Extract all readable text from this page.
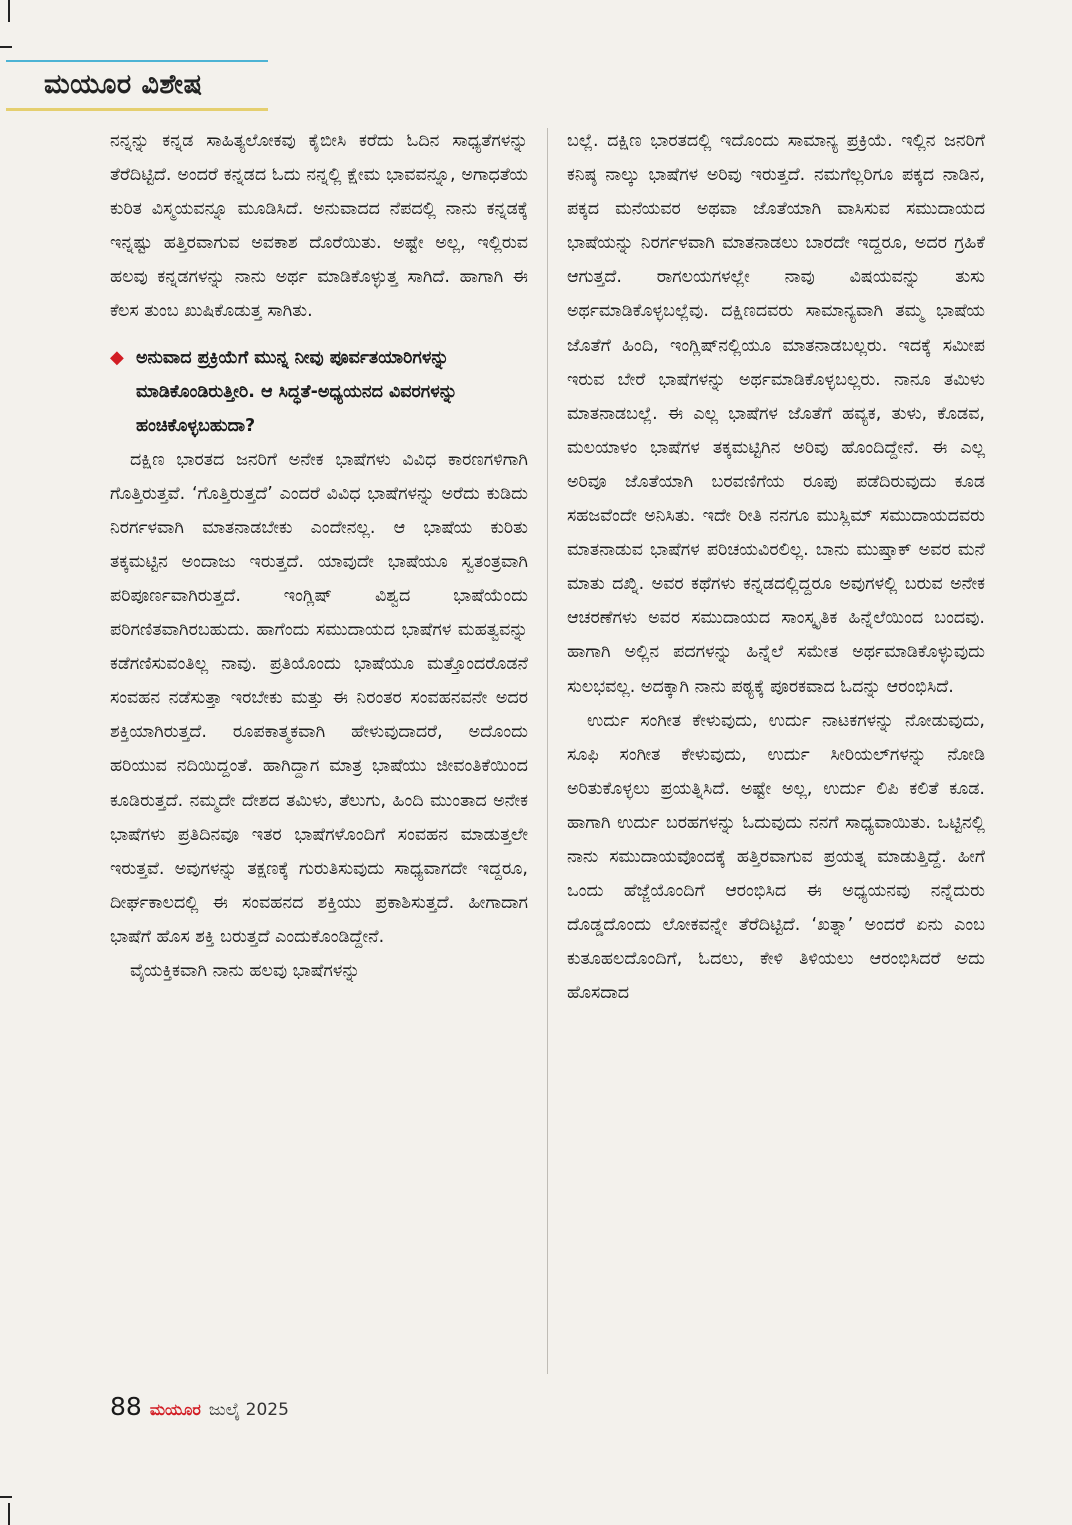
ಮಯೂರ ವಿಶೇಷ

ನನ್ನನ್ನು ಕನ್ನಡ ಸಾಹಿತ್ಯಲೋಕವು ಕೈಬೀಸಿ ಕರೆದು ಓದಿನ ಸಾಧ್ಯತೆಗಳನ್ನು ತೆರೆದಿಟ್ಟಿದೆ. ಅಂದರೆ ಕನ್ನಡದ ಓದು ನನ್ನಲ್ಲಿ ಕ್ಷೇಮ ಭಾವವನ್ನೂ, ಅಗಾಧತೆಯ ಕುರಿತ ವಿಸ್ಮಯವನ್ನೂ ಮೂಡಿಸಿದೆ. ಅನುವಾದದ ನೆಪದಲ್ಲಿ ನಾನು ಕನ್ನಡಕ್ಕೆ ಇನ್ನಷ್ಟು ಹತ್ತಿರವಾಗುವ ಅವಕಾಶ ದೊರೆಯಿತು. ಅಷ್ಟೇ ಅಲ್ಲ, ಇಲ್ಲಿರುವ ಹಲವು ಕನ್ನಡಗಳನ್ನು ನಾನು ಅರ್ಥ ಮಾಡಿಕೊಳ್ಳುತ್ತ ಸಾಗಿದೆ. ಹಾಗಾಗಿ ಈ ಕೆಲಸ ತುಂಬ ಖುಷಿಕೊಡುತ್ತ ಸಾಗಿತು.

◆ ಅನುವಾದ ಪ್ರಕ್ರಿಯೆಗೆ ಮುನ್ನ ನೀವು ಪೂರ್ವತಯಾರಿಗಳನ್ನು ಮಾಡಿಕೊಂಡಿರುತ್ತೀರಿ. ಆ ಸಿದ್ಧತೆ-ಅಧ್ಯಯನದ ವಿವರಗಳನ್ನು ಹಂಚಿಕೊಳ್ಳಬಹುದಾ?

ದಕ್ಷಿಣ ಭಾರತದ ಜನರಿಗೆ ಅನೇಕ ಭಾಷೆಗಳು ವಿವಿಧ ಕಾರಣಗಳಿಗಾಗಿ ಗೊತ್ತಿರುತ್ತವೆ. ‘ಗೊತ್ತಿರುತ್ತದೆ’ ಎಂದರೆ ವಿವಿಧ ಭಾಷೆಗಳನ್ನು ಅರೆದು ಕುಡಿದು ನಿರರ್ಗಳವಾಗಿ ಮಾತನಾಡಬೇಕು ಎಂದೇನಲ್ಲ. ಆ ಭಾಷೆಯ ಕುರಿತು ತಕ್ಕಮಟ್ಟಿನ ಅಂದಾಜು ಇರುತ್ತದೆ. ಯಾವುದೇ ಭಾಷೆಯೂ ಸ್ವತಂತ್ರವಾಗಿ ಪರಿಪೂರ್ಣವಾಗಿರುತ್ತದೆ. ಇಂಗ್ಲಿಷ್ ವಿಶ್ವದ ಭಾಷೆಯೆಂದು ಪರಿಗಣಿತವಾಗಿರಬಹುದು. ಹಾಗೆಂದು ಸಮುದಾಯದ ಭಾಷೆಗಳ ಮಹತ್ವವನ್ನು ಕಡೆಗಣಿಸುವಂತಿಲ್ಲ ನಾವು. ಪ್ರತಿಯೊಂದು ಭಾಷೆಯೂ ಮತ್ತೊಂದರೊಡನೆ ಸಂವಹನ ನಡೆಸುತ್ತಾ ಇರಬೇಕು ಮತ್ತು ಈ ನಿರಂತರ ಸಂವಹನವನೇ ಅದರ ಶಕ್ತಿಯಾಗಿರುತ್ತದೆ. ರೂಪಕಾತ್ಮಕವಾಗಿ ಹೇಳುವುದಾದರೆ, ಅದೊಂದು ಹರಿಯುವ ನದಿಯಿದ್ದಂತೆ. ಹಾಗಿದ್ದಾಗ ಮಾತ್ರ ಭಾಷೆಯು ಜೀವಂತಿಕೆಯಿಂದ ಕೂಡಿರುತ್ತದೆ. ನಮ್ಮದೇ ದೇಶದ ತಮಿಳು, ತೆಲುಗು, ಹಿಂದಿ ಮುಂತಾದ ಅನೇಕ ಭಾಷೆಗಳು ಪ್ರತಿದಿನವೂ ಇತರ ಭಾಷೆಗಳೊಂದಿಗೆ ಸಂವಹನ ಮಾಡುತ್ತಲೇ ಇರುತ್ತವೆ. ಅವುಗಳನ್ನು ತಕ್ಷಣಕ್ಕೆ ಗುರುತಿಸುವುದು ಸಾಧ್ಯವಾಗದೇ ಇದ್ದರೂ, ದೀರ್ಘಕಾಲದಲ್ಲಿ ಈ ಸಂವಹನದ ಶಕ್ತಿಯು ಪ್ರಕಾಶಿಸುತ್ತದೆ. ಹೀಗಾದಾಗ ಭಾಷೆಗೆ ಹೊಸ ಶಕ್ತಿ ಬರುತ್ತದೆ ಎಂದುಕೊಂಡಿದ್ದೇನೆ.

ವೈಯಕ್ತಿಕವಾಗಿ ನಾನು ಹಲವು ಭಾಷೆಗಳನ್ನು

ಬಲ್ಲೆ. ದಕ್ಷಿಣ ಭಾರತದಲ್ಲಿ ಇದೊಂದು ಸಾಮಾನ್ಯ ಪ್ರಕ್ರಿಯೆ. ಇಲ್ಲಿನ ಜನರಿಗೆ ಕನಿಷ್ಠ ನಾಲ್ಕು ಭಾಷೆಗಳ ಅರಿವು ಇರುತ್ತದೆ. ನಮಗೆಲ್ಲರಿಗೂ ಪಕ್ಕದ ನಾಡಿನ, ಪಕ್ಕದ ಮನೆಯವರ ಅಥವಾ ಜೊತೆಯಾಗಿ ವಾಸಿಸುವ ಸಮುದಾಯದ ಭಾಷೆಯನ್ನು ನಿರರ್ಗಳವಾಗಿ ಮಾತನಾಡಲು ಬಾರದೇ ಇದ್ದರೂ, ಅದರ ಗ್ರಹಿಕೆ ಆಗುತ್ತದೆ. ರಾಗಲಯಗಳಲ್ಲೇ ನಾವು ವಿಷಯವನ್ನು ತುಸು ಅರ್ಥಮಾಡಿಕೊಳ್ಳಬಲ್ಲೆವು. ದಕ್ಷಿಣದವರು ಸಾಮಾನ್ಯವಾಗಿ ತಮ್ಮ ಭಾಷೆಯ ಜೊತೆಗೆ ಹಿಂದಿ, ಇಂಗ್ಲಿಷ್‌ನಲ್ಲಿಯೂ ಮಾತನಾಡಬಲ್ಲರು. ಇದಕ್ಕೆ ಸಮೀಪ ಇರುವ ಬೇರೆ ಭಾಷೆಗಳನ್ನು ಅರ್ಥಮಾಡಿಕೊಳ್ಳಬಲ್ಲರು. ನಾನೂ ತಮಿಳು ಮಾತನಾಡಬಲ್ಲೆ. ಈ ಎಲ್ಲ ಭಾಷೆಗಳ ಜೊತೆಗೆ ಹವ್ಯಕ, ತುಳು, ಕೊಡವ, ಮಲಯಾಳಂ ಭಾಷೆಗಳ ತಕ್ಕಮಟ್ಟಿಗಿನ ಅರಿವು ಹೊಂದಿದ್ದೇನೆ. ಈ ಎಲ್ಲ ಅರಿವೂ ಜೊತೆಯಾಗಿ ಬರವಣಿಗೆಯ ರೂಪು ಪಡೆದಿರುವುದು ಕೂಡ ಸಹಜವೆಂದೇ ಅನಿಸಿತು. ಇದೇ ರೀತಿ ನನಗೂ ಮುಸ್ಲಿಮ್ ಸಮುದಾಯದವರು ಮಾತನಾಡುವ ಭಾಷೆಗಳ ಪರಿಚಯವಿರಲಿಲ್ಲ. ಬಾನು ಮುಷ್ತಾಕ್ ಅವರ ಮನೆ ಮಾತು ದಖ್ನಿ. ಅವರ ಕಥೆಗಳು ಕನ್ನಡದಲ್ಲಿದ್ದರೂ ಅವುಗಳಲ್ಲಿ ಬರುವ ಅನೇಕ ಆಚರಣೆಗಳು ಅವರ ಸಮುದಾಯದ ಸಾಂಸ್ಕೃತಿಕ ಹಿನ್ನೆಲೆಯಿಂದ ಬಂದವು. ಹಾಗಾಗಿ ಅಲ್ಲಿನ ಪದಗಳನ್ನು ಹಿನ್ನೆಲೆ ಸಮೇತ ಅರ್ಥಮಾಡಿಕೊಳ್ಳುವುದು ಸುಲಭವಲ್ಲ. ಅದಕ್ಕಾಗಿ ನಾನು ಪಠ್ಯಕ್ಕೆ ಪೂರಕವಾದ ಓದನ್ನು ಆರಂಭಿಸಿದೆ.

ಉರ್ದು ಸಂಗೀತ ಕೇಳುವುದು, ಉರ್ದು ನಾಟಕಗಳನ್ನು ನೋಡುವುದು, ಸೂಫಿ ಸಂಗೀತ ಕೇಳುವುದು, ಉರ್ದು ಸೀರಿಯಲ್‌ಗಳನ್ನು ನೋಡಿ ಅರಿತುಕೊಳ್ಳಲು ಪ್ರಯತ್ನಿಸಿದೆ. ಅಷ್ಟೇ ಅಲ್ಲ, ಉರ್ದು ಲಿಪಿ ಕಲಿತೆ ಕೂಡ. ಹಾಗಾಗಿ ಉರ್ದು ಬರಹಗಳನ್ನು ಓದುವುದು ನನಗೆ ಸಾಧ್ಯವಾಯಿತು. ಒಟ್ಟಿನಲ್ಲಿ ನಾನು ಸಮುದಾಯವೊಂದಕ್ಕೆ ಹತ್ತಿರವಾಗುವ ಪ್ರಯತ್ನ ಮಾಡುತ್ತಿದ್ದೆ. ಹೀಗೆ ಒಂದು ಹೆಜ್ಜೆಯೊಂದಿಗೆ ಆರಂಭಿಸಿದ ಈ ಅಧ್ಯಯನವು ನನ್ನೆದುರು ದೊಡ್ಡದೊಂದು ಲೋಕವನ್ನೇ ತೆರೆದಿಟ್ಟಿದೆ. ‘ಖತ್ನಾ’ ಅಂದರೆ ಏನು ಎಂಬ ಕುತೂಹಲದೊಂದಿಗೆ, ಓದಲು, ಕೇಳಿ ತಿಳಿಯಲು ಆರಂಭಿಸಿದರೆ ಅದು ಹೊಸದಾದ

88 ಮಯೂರ ಜುಲೈ 2025
